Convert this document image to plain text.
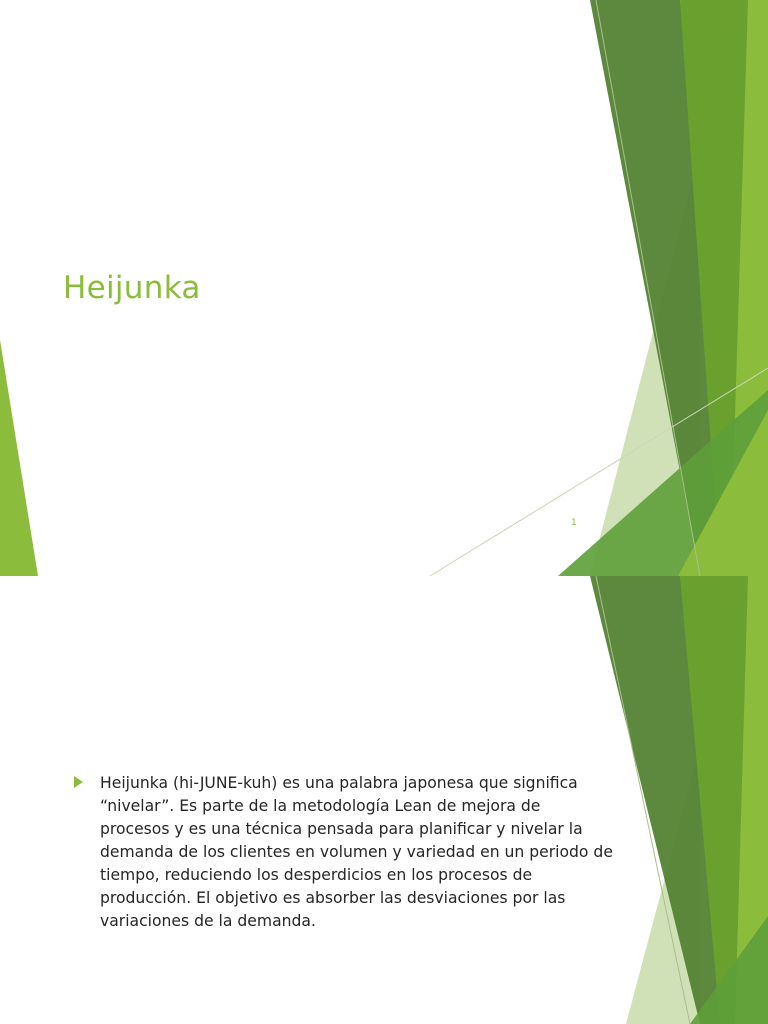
Heijunka
1
Heijunka (hi-JUNE-kuh) es una palabra japonesa que significa “nivelar”. Es parte de la metodología Lean de mejora de procesos y es una técnica pensada para planificar y nivelar la demanda de los clientes en volumen y variedad en un periodo de tiempo, reduciendo los desperdicios en los procesos de producción. El objetivo es absorber las desviaciones por las variaciones de la demanda.
